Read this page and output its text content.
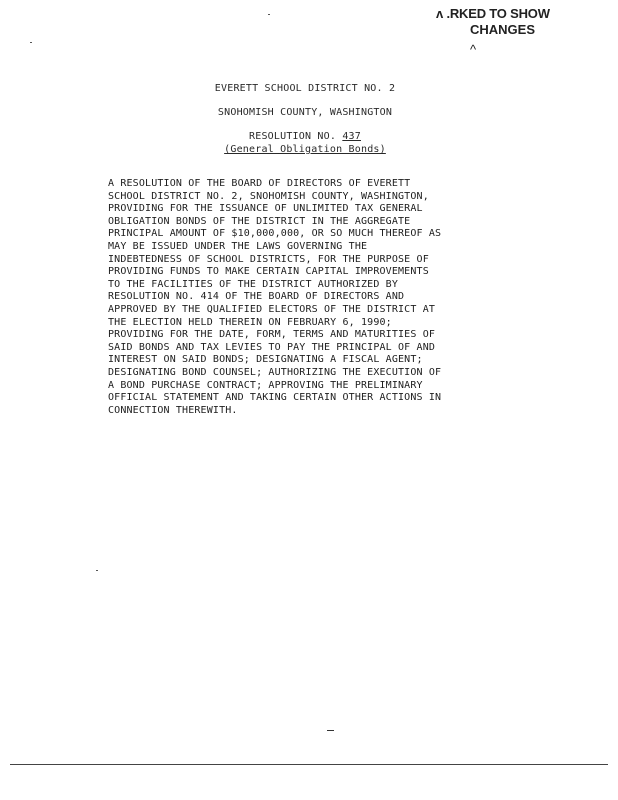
ʌ .RKED TO SHOW
CHANGES
^
EVERETT SCHOOL DISTRICT NO. 2
SNOHOMISH COUNTY, WASHINGTON
RESOLUTION NO. 437
(General Obligation Bonds)
A RESOLUTION OF THE BOARD OF DIRECTORS OF EVERETT
SCHOOL DISTRICT NO. 2, SNOHOMISH COUNTY, WASHINGTON,
PROVIDING FOR THE ISSUANCE OF UNLIMITED TAX GENERAL
OBLIGATION BONDS OF THE DISTRICT IN THE AGGREGATE
PRINCIPAL AMOUNT OF $10,000,000, OR SO MUCH THEREOF AS
MAY BE ISSUED UNDER THE LAWS GOVERNING THE
INDEBTEDNESS OF SCHOOL DISTRICTS, FOR THE PURPOSE OF
PROVIDING FUNDS TO MAKE CERTAIN CAPITAL IMPROVEMENTS
TO THE FACILITIES OF THE DISTRICT AUTHORIZED BY
RESOLUTION NO. 414 OF THE BOARD OF DIRECTORS AND
APPROVED BY THE QUALIFIED ELECTORS OF THE DISTRICT AT
THE ELECTION HELD THEREIN ON FEBRUARY 6, 1990;
PROVIDING FOR THE DATE, FORM, TERMS AND MATURITIES OF
SAID BONDS AND TAX LEVIES TO PAY THE PRINCIPAL OF AND
INTEREST ON SAID BONDS; DESIGNATING A FISCAL AGENT;
DESIGNATING BOND COUNSEL; AUTHORIZING THE EXECUTION OF
A BOND PURCHASE CONTRACT; APPROVING THE PRELIMINARY
OFFICIAL STATEMENT AND TAKING CERTAIN OTHER ACTIONS IN
CONNECTION THEREWITH.
